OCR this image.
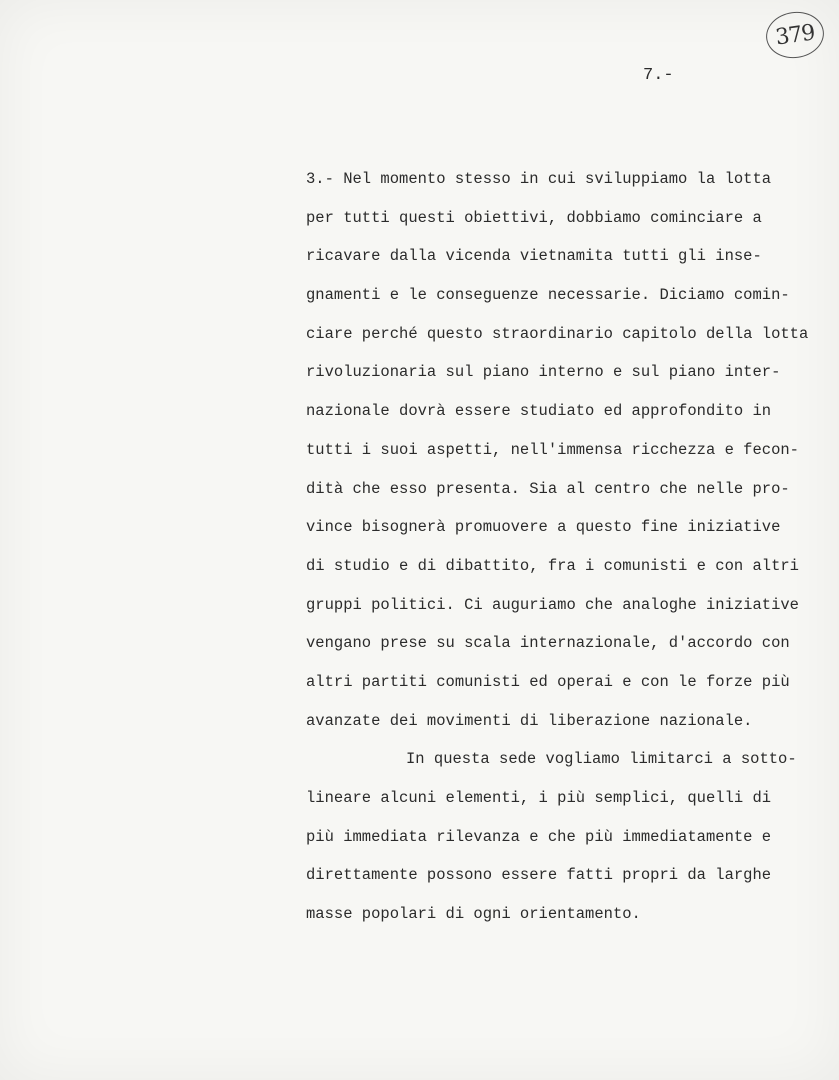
379
7.-
3.- Nel momento stesso in cui sviluppiamo la lotta
per tutti questi obiettivi, dobbiamo cominciare a
ricavare dalla vicenda vietnamita tutti gli inse-
gnamenti e le conseguenze necessarie. Diciamo comin-
ciare perché questo straordinario capitolo della lotta
rivoluzionaria sul piano interno e sul piano inter-
nazionale dovrà essere studiato ed approfondito in
tutti i suoi aspetti, nell'immensa ricchezza e fecon-
dità che esso presenta. Sia al centro che nelle pro-
vince bisognerà promuovere a questo fine iniziative
di studio e di dibattito, fra i comunisti e con altri
gruppi politici. Ci auguriamo che analoghe iniziative
vengano prese su scala internazionale, d'accordo con
altri partiti comunisti ed operai e con le forze più
avanzate dei movimenti di liberazione nazionale.
In questa sede vogliamo limitarci a sotto-
lineare alcuni elementi, i più semplici, quelli di
più immediata rilevanza e che più immediatamente e
direttamente possono essere fatti propri da larghe
masse popolari di ogni orientamento.
